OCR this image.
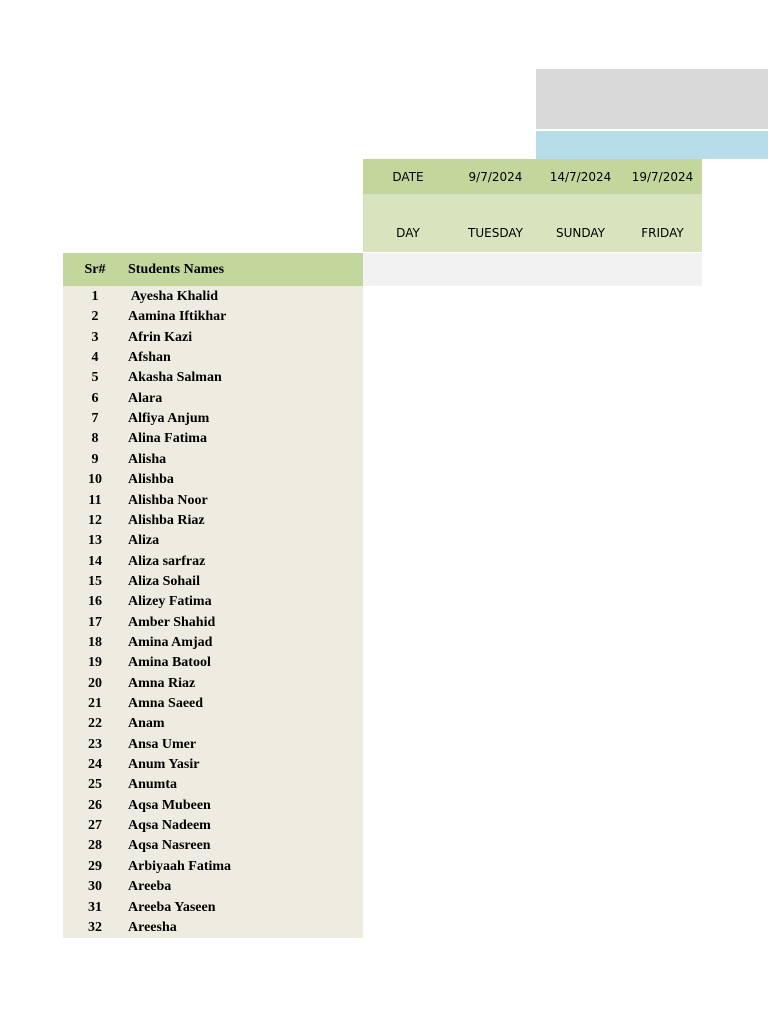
DATE	9/7/2024	14/7/2024	19/7/2024
DAY	TUESDAY	SUNDAY	FRIDAY
Sr#	Students Names
1	Ayesha Khalid
2	Aamina Iftikhar
3	Afrin Kazi
4	Afshan
5	Akasha Salman
6	Alara
7	Alfiya Anjum
8	Alina Fatima
9	Alisha
10	Alishba
11	Alishba Noor
12	Alishba Riaz
13	Aliza
14	Aliza sarfraz
15	Aliza Sohail
16	Alizey Fatima
17	Amber Shahid
18	Amina Amjad
19	Amina Batool
20	Amna Riaz
21	Amna Saeed
22	Anam
23	Ansa Umer
24	Anum Yasir
25	Anumta
26	Aqsa Mubeen
27	Aqsa Nadeem
28	Aqsa Nasreen
29	Arbiyaah Fatima
30	Areeba
31	Areeba Yaseen
32	Areesha
